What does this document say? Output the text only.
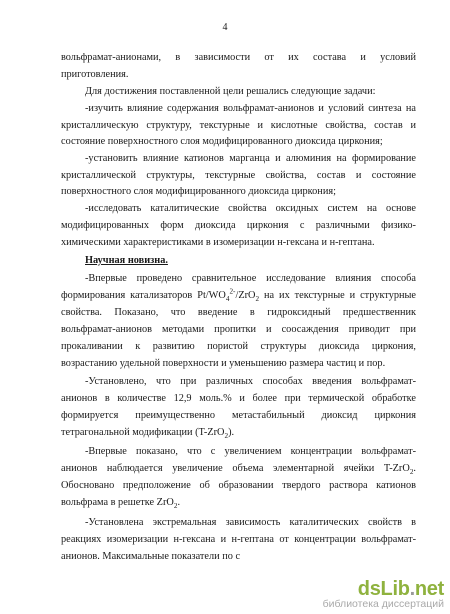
4
вольфрамат-анионами, в зависимости от их состава и условий
приготовления.
Для достижения поставленной цели решались следующие задачи:
-изучить влияние содержания вольфрамат-анионов и условий синтеза на
кристаллическую структуру, текстурные и кислотные свойства, состав и
состояние поверхностного слоя модифицированного диоксида циркония;
-установить влияние катионов марганца и алюминия на формирование
кристаллической структуры, текстурные свойства, состав и состояние
поверхностного слоя модифицированного диоксида циркония;
-исследовать каталитические свойства оксидных систем на основе
модифицированных форм диоксида циркония с различными физико-
химическими характеристиками в изомеризации н-гексана и н-гептана.
Научная новизна.
-Впервые проведено сравнительное исследование влияния способа
формирования катализаторов $Pt/WO_4^{2-}/ZrO_2$ на их текстурные и структурные
свойства. Показано, что введение в гидроксидный предшественник
вольфрамат-анионов методами пропитки и соосаждения приводит при
прокаливании к развитию пористой структуры диоксида циркония,
возрастанию удельной поверхности и уменьшению размера частиц и пор.
-Установлено, что при различных способах введения вольфрамат-
анионов в количестве 12,9 моль.% и более при термической обработке
формируется преимущественно метастабильный диоксид циркония
тетрагональной модификации (T-ZrO$_2$).
-Впервые показано, что с увеличением концентрации вольфрамат-
анионов наблюдается увеличение объема элементарной ячейки T-ZrO$_2$.
Обосновано предположение об образовании твердого раствора катионов
вольфрама в решетке ZrO$_2$.
-Установлена экстремальная зависимость каталитических свойств в
реакциях изомеризации н-гексана и н-гептана от концентрации вольфрамат-
анионов. Максимальные показатели по с
dsLib.net
библиотека диссертаций
